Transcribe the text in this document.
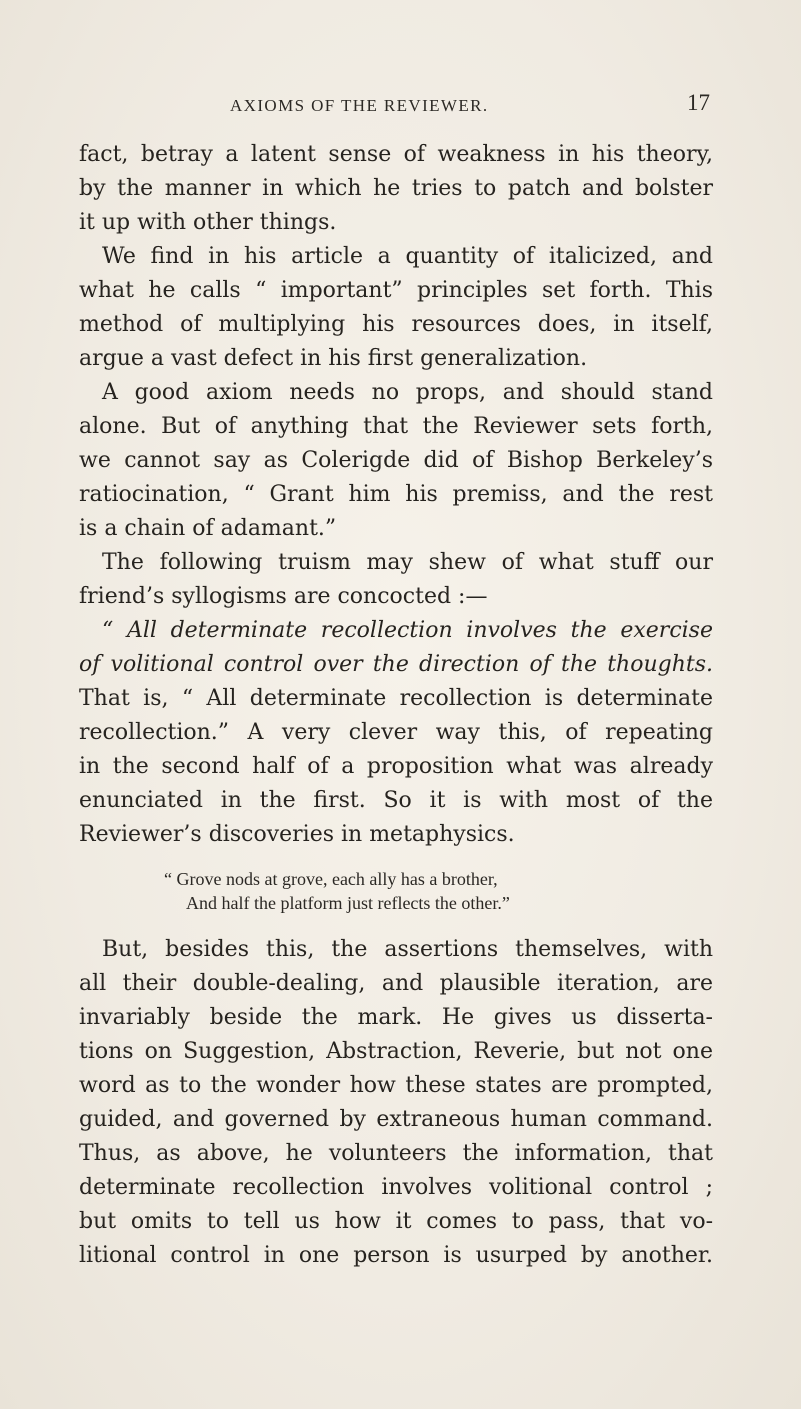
AXIOMS OF THE REVIEWER.	17
fact, betray a latent sense of weakness in his theory,
by the manner in which he tries to patch and bolster
it up with other things.
We find in his article a quantity of italicized, and
what he calls “ important” principles set forth. This
method of multiplying his resources does, in itself,
argue a vast defect in his first generalization.
A good axiom needs no props, and should stand
alone. But of anything that the Reviewer sets forth,
we cannot say as Colerigde did of Bishop Berkeley’s
ratiocination, “ Grant him his premiss, and the rest
is a chain of adamant.”
The following truism may shew of what stuff our
friend’s syllogisms are concocted :—
“ All determinate recollection involves the exercise
of volitional control over the direction of the thoughts.
That is, “ All determinate recollection is determinate
recollection.” A very clever way this, of repeating
in the second half of a proposition what was already
enunciated in the first. So it is with most of the
Reviewer’s discoveries in metaphysics.
“ Grove nods at grove, each ally has a brother,
And half the platform just reflects the other.”
But, besides this, the assertions themselves, with
all their double-dealing, and plausible iteration, are
invariably beside the mark. He gives us disserta-
tions on Suggestion, Abstraction, Reverie, but not one
word as to the wonder how these states are prompted,
guided, and governed by extraneous human command.
Thus, as above, he volunteers the information, that
determinate recollection involves volitional control ;
but omits to tell us how it comes to pass, that vo-
litional control in one person is usurped by another.
